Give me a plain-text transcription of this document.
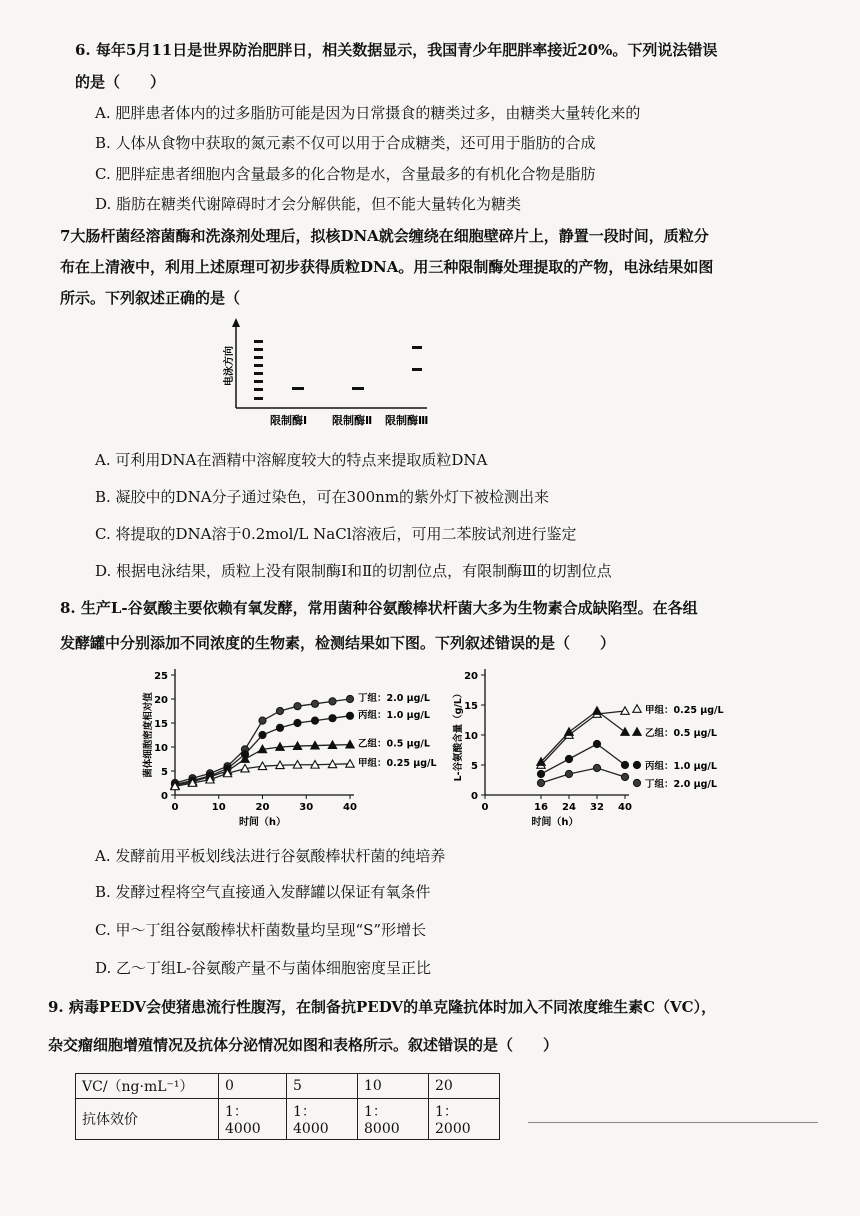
6. 每年5月11日是世界防治肥胖日，相关数据显示，我国青少年肥胖率接近20%。下列说法错误
的是（　　）
A. 肥胖患者体内的过多脂肪可能是因为日常摄食的糖类过多，由糖类大量转化来的
B. 人体从食物中获取的氮元素不仅可以用于合成糖类，还可用于脂肪的合成
C. 肥胖症患者细胞内含量最多的化合物是水，含量最多的有机化合物是脂肪
D. 脂肪在糖类代谢障碍时才会分解供能，但不能大量转化为糖类
7大肠杆菌经溶菌酶和洗涤剂处理后，拟核DNA就会缠绕在细胞壁碎片上，静置一段时间，质粒分
布在上清液中，利用上述原理可初步获得质粒DNA。用三种限制酶处理提取的产物，电泳结果如图
所示。下列叙述正确的是（
电泳方向
限制酶Ⅰ 限制酶Ⅱ 限制酶Ⅲ
A. 可利用DNA在酒精中溶解度较大的特点来提取质粒DNA
B. 凝胶中的DNA分子通过染色，可在300nm的紫外灯下被检测出来
C. 将提取的DNA溶于0.2mol/L NaCl溶液后，可用二苯胺试剂进行鉴定
D. 根据电泳结果，质粒上没有限制酶Ⅰ和Ⅱ的切割位点，有限制酶Ⅲ的切割位点
8. 生产L-谷氨酸主要依赖有氧发酵，常用菌种谷氨酸棒状杆菌大多为生物素合成缺陷型。在各组
发酵罐中分别添加不同浓度的生物素，检测结果如下图。下列叙述错误的是（　　）
0
5
10
15
20
25
0	10	20	30	40
时间（h）
菌体细胞密度相对值	丁组：2.0 μg/L
丙组：1.0 μg/L
乙组：0.5 μg/L
甲组：0.25 μg/L
0
5
10
15
20
0	16 24 32 40
时间（h）
L-谷氨酸含量（g/L）	甲组：0.25 μg/L
乙组：0.5 μg/L
丙组：1.0 μg/L
丁组：2.0 μg/L
A. 发酵前用平板划线法进行谷氨酸棒状杆菌的纯培养
B. 发酵过程将空气直接通入发酵罐以保证有氧条件
C. 甲～丁组谷氨酸棒状杆菌数量均呈现“S”形增长
D. 乙～丁组L-谷氨酸产量不与菌体细胞密度呈正比
9. 病毒PEDV会使猪患流行性腹泻，在制备抗PEDV的单克隆抗体时加入不同浓度维生素C（VC），
杂交瘤细胞增殖情况及抗体分泌情况如图和表格所示。叙述错误的是（　　）
VC/（ng·mL⁻¹）	0	5	10	20
抗体效价	1：4000	1：4000	1：8000	1：2000
